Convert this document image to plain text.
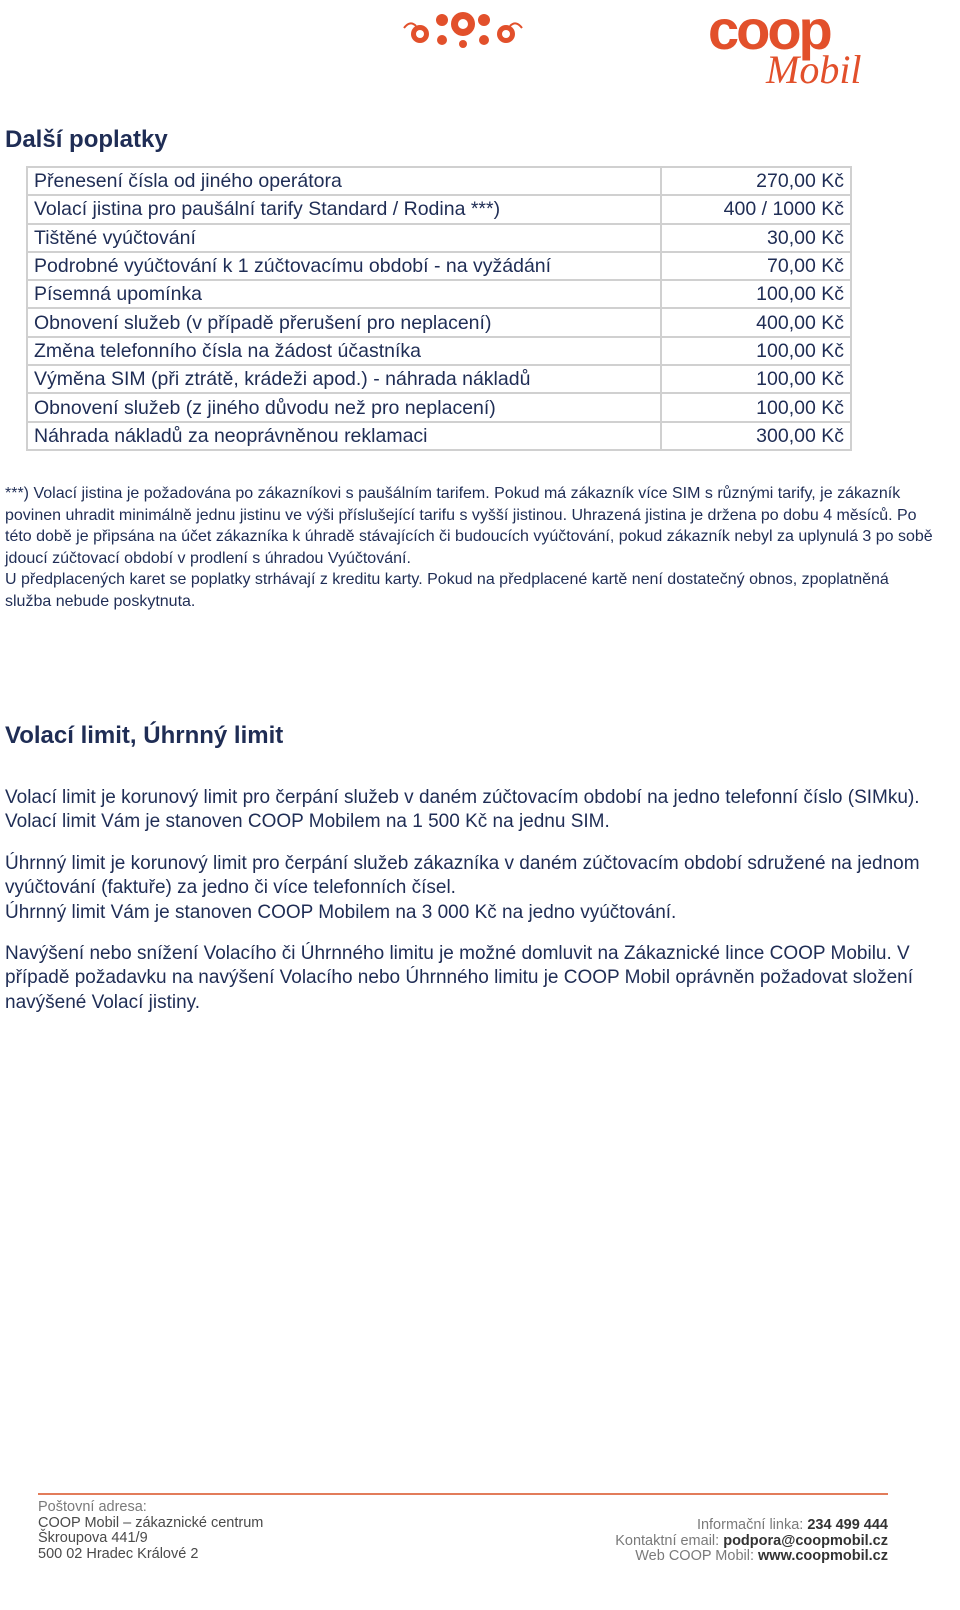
coop
Mobil
Další poplatky
Přenesení čísla od jiného operátora	270,00 Kč
Volací jistina pro paušální tarify Standard / Rodina ***)	400 / 1000 Kč
Tištěné vyúčtování	30,00 Kč
Podrobné vyúčtování k 1 zúčtovacímu období - na vyžádání	70,00 Kč
Písemná upomínka	100,00 Kč
Obnovení služeb (v případě přerušení pro neplacení)	400,00 Kč
Změna telefonního čísla na žádost účastníka	100,00 Kč
Výměna SIM (při ztrátě, krádeži apod.) - náhrada nákladů	100,00 Kč
Obnovení služeb (z jiného důvodu než pro neplacení)	100,00 Kč
Náhrada nákladů za neoprávněnou reklamaci	300,00 Kč

***) Volací jistina je požadována po zákazníkovi s paušálním tarifem. Pokud má zákazník více SIM s různými tarify, je zákazník povinen uhradit minimálně jednu jistinu ve výši příslušející tarifu s vyšší jistinou. Uhrazená jistina je držena po dobu 4 měsíců. Po této době je připsána na účet zákazníka k úhradě stávajících či budoucích vyúčtování, pokud zákazník nebyl za uplynulá 3 po sobě jdoucí zúčtovací období v prodlení s úhradou Vyúčtování.

U předplacených karet se poplatky strhávají z kreditu karty. Pokud na předplacené kartě není dostatečný obnos, zpoplatněná služba nebude poskytnuta.

Volací limit, Úhrnný limit

Volací limit je korunový limit pro čerpání služeb v daném zúčtovacím období na jedno telefonní číslo (SIMku).
Volací limit Vám je stanoven COOP Mobilem na 1 500 Kč na jednu SIM.

Úhrnný limit je korunový limit pro čerpání služeb zákazníka v daném zúčtovacím období sdružené na jednom vyúčtování (faktuře) za jedno či více telefonních čísel.
Úhrnný limit Vám je stanoven COOP Mobilem na 3 000 Kč na jedno vyúčtování.

Navýšení nebo snížení Volacího či Úhrnného limitu je možné domluvit na Zákaznické lince COOP Mobilu. V případě požadavku na navýšení Volacího nebo Úhrnného limitu je COOP Mobil oprávněn požadovat složení navýšené Volací jistiny.

Poštovní adresa:
COOP Mobil – zákaznické centrum
Škroupova 441/9
500 02 Hradec Králové 2
Informační linka: 234 499 444
Kontaktní email: podpora@coopmobil.cz
Web COOP Mobil: www.coopmobil.cz
